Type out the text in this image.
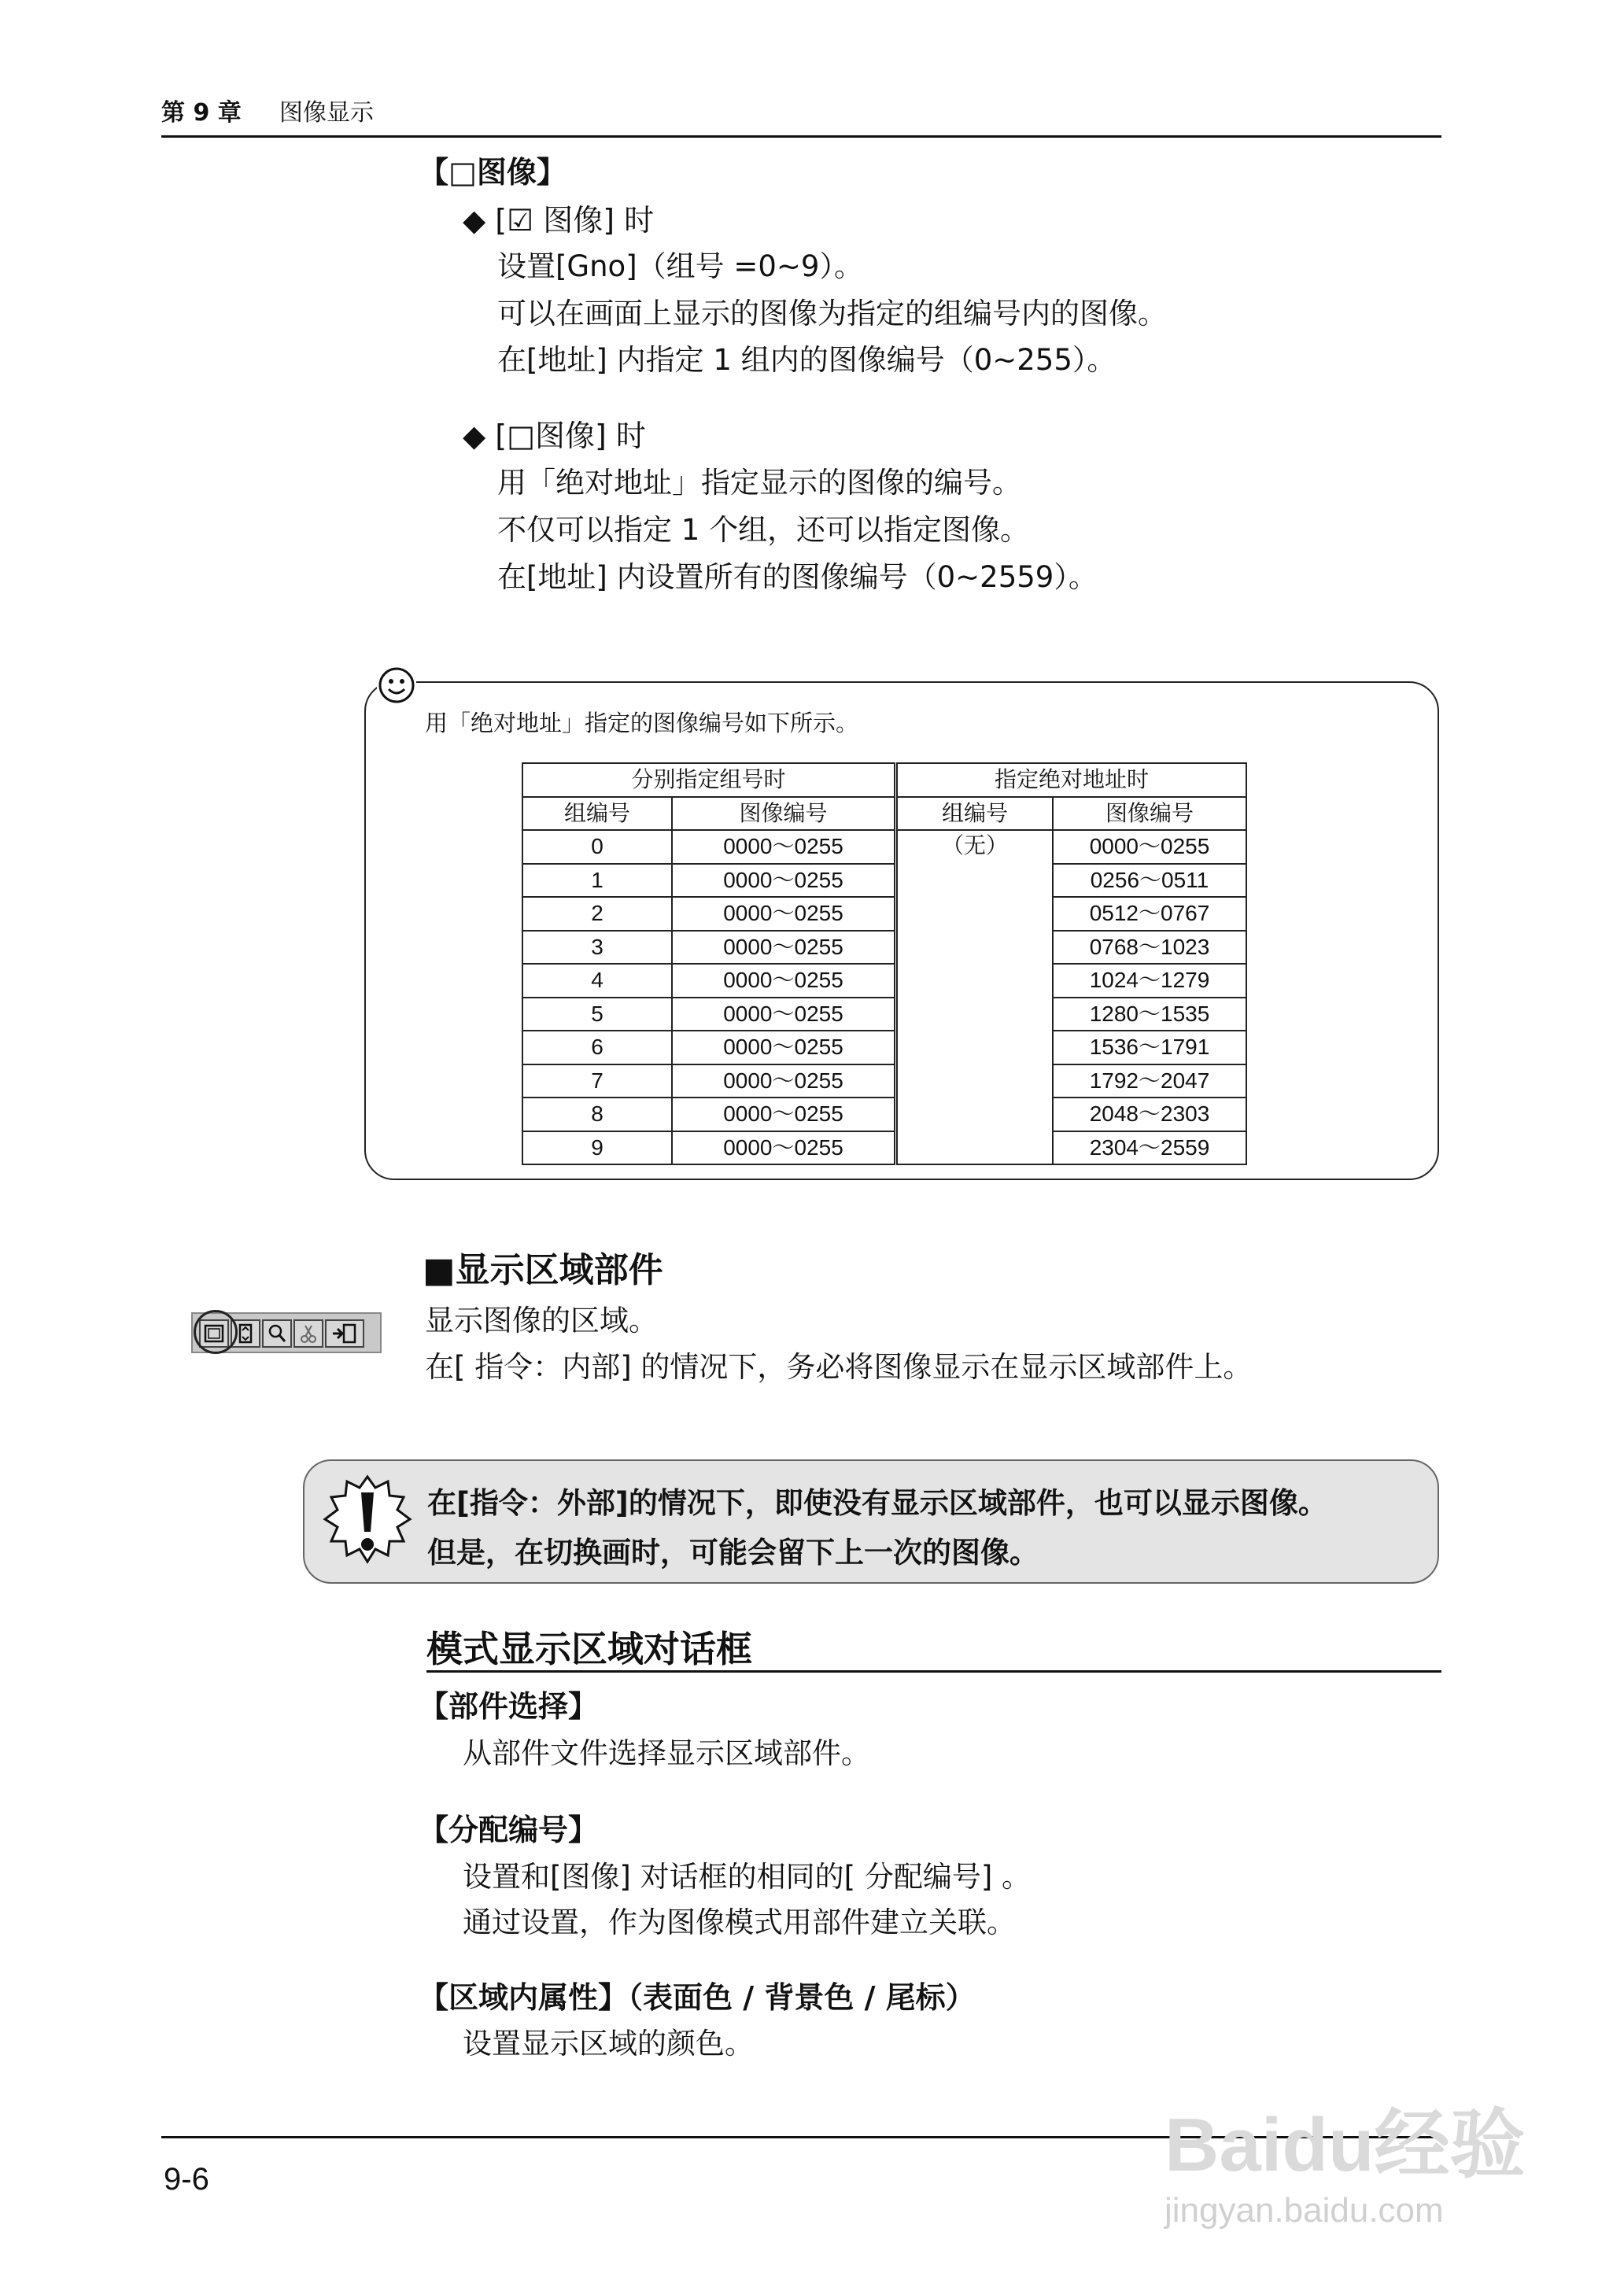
第 9 章 图像显示
【□图像】
◆ [☑ 图像] 时
设置[Gno]（组号 =0~9）。
可以在画面上显示的图像为指定的组编号内的图像。
在[地址] 内指定 1 组内的图像编号（0~255）。
◆ [□图像] 时
用「绝对地址」指定显示的图像的编号。
不仅可以指定 1 个组，还可以指定图像。
在[地址] 内设置所有的图像编号（0~2559）。
用「绝对地址」指定的图像编号如下所示。
分别指定组号时		指定绝对地址时	
组编号	图像编号	组编号	图像编号
0	0000～0255	（无）	0000～0255
1	0000～0255		0256～0511
2	0000～0255		0512～0767
3	0000～0255		0768～1023
4	0000～0255		1024～1279
5	0000～0255		1280～1535
6	0000～0255		1536～1791
7	0000～0255		1792～2047
8	0000～0255		2048～2303
9	0000～0255		2304～2559
■显示区域部件
显示图像的区域。
在[ 指令：内部] 的情况下，务必将图像显示在显示区域部件上。
在[指令：外部]的情况下，即使没有显示区域部件，也可以显示图像。
但是，在切换画时，可能会留下上一次的图像。
模式显示区域对话框
【部件选择】
从部件文件选择显示区域部件。
【分配编号】
设置和[图像] 对话框的相同的[ 分配编号] 。
通过设置，作为图像模式用部件建立关联。
【区域内属性】（表面色 / 背景色 / 尾标）
设置显示区域的颜色。
9-6	Baidu经验
jingyan.baidu.com
